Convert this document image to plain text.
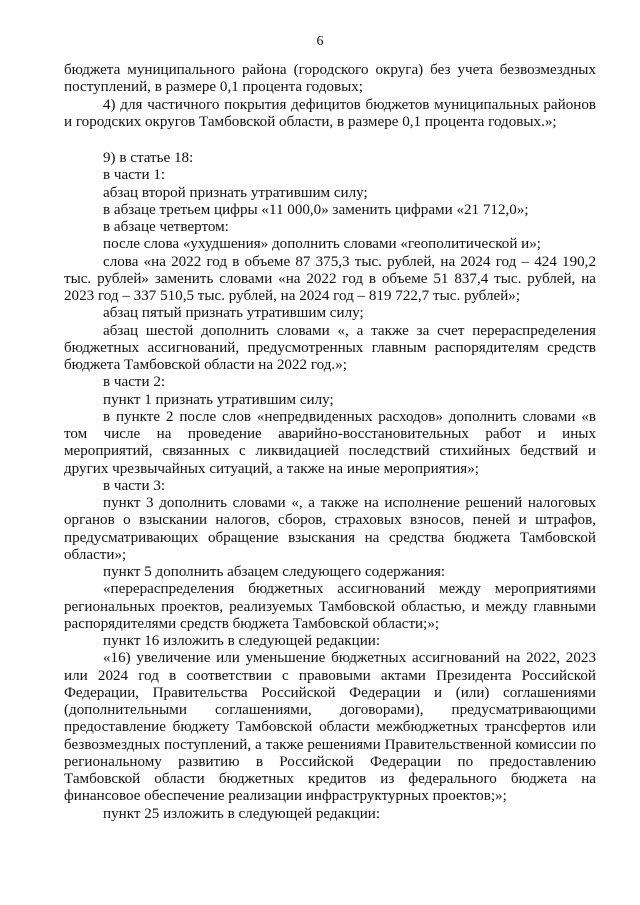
6

бюджета муниципального района (городского округа) без учета безвозмездных поступлений, в размере 0,1 процента годовых;

4) для частичного покрытия дефицитов бюджетов муниципальных районов и городских округов Тамбовской области, в размере 0,1 процента годовых.»;

9) в статье 18:

в части 1:

абзац второй признать утратившим силу;

в абзаце третьем цифры «11 000,0» заменить цифрами «21 712,0»;

в абзаце четвертом:

после слова «ухудшения» дополнить словами «геополитической и»;

слова «на 2022 год в объеме 87 375,3 тыс. рублей, на 2024 год – 424 190,2 тыс. рублей» заменить словами «на 2022 год в объеме 51 837,4 тыс. рублей, на 2023 год – 337 510,5 тыс. рублей, на 2024 год – 819 722,7 тыс. рублей»;

абзац пятый признать утратившим силу;

абзац шестой дополнить словами «, а также за счет перераспределения бюджетных ассигнований, предусмотренных главным распорядителям средств бюджета Тамбовской области на 2022 год.»;

в части 2:

пункт 1 признать утратившим силу;

в пункте 2 после слов «непредвиденных расходов» дополнить словами «в том числе на проведение аварийно-восстановительных работ и иных мероприятий, связанных с ликвидацией последствий стихийных бедствий и других чрезвычайных ситуаций, а также на иные мероприятия»;

в части 3:

пункт 3 дополнить словами «, а также на исполнение решений налоговых органов о взыскании налогов, сборов, страховых взносов, пеней и штрафов, предусматривающих обращение взыскания на средства бюджета Тамбовской области»;

пункт 5 дополнить абзацем следующего содержания:

«перераспределения бюджетных ассигнований между мероприятиями региональных проектов, реализуемых Тамбовской областью, и между главными распорядителями средств бюджета Тамбовской области;»;

пункт 16 изложить в следующей редакции:

«16) увеличение или уменьшение бюджетных ассигнований на 2022, 2023 или 2024 год в соответствии с правовыми актами Президента Российской Федерации, Правительства Российской Федерации и (или) соглашениями (дополнительными соглашениями, договорами), предусматривающими предоставление бюджету Тамбовской области межбюджетных трансфертов или безвозмездных поступлений, а также решениями Правительственной комиссии по региональному развитию в Российской Федерации по предоставлению Тамбовской области бюджетных кредитов из федерального бюджета на финансовое обеспечение реализации инфраструктурных проектов;»;

пункт 25 изложить в следующей редакции:
